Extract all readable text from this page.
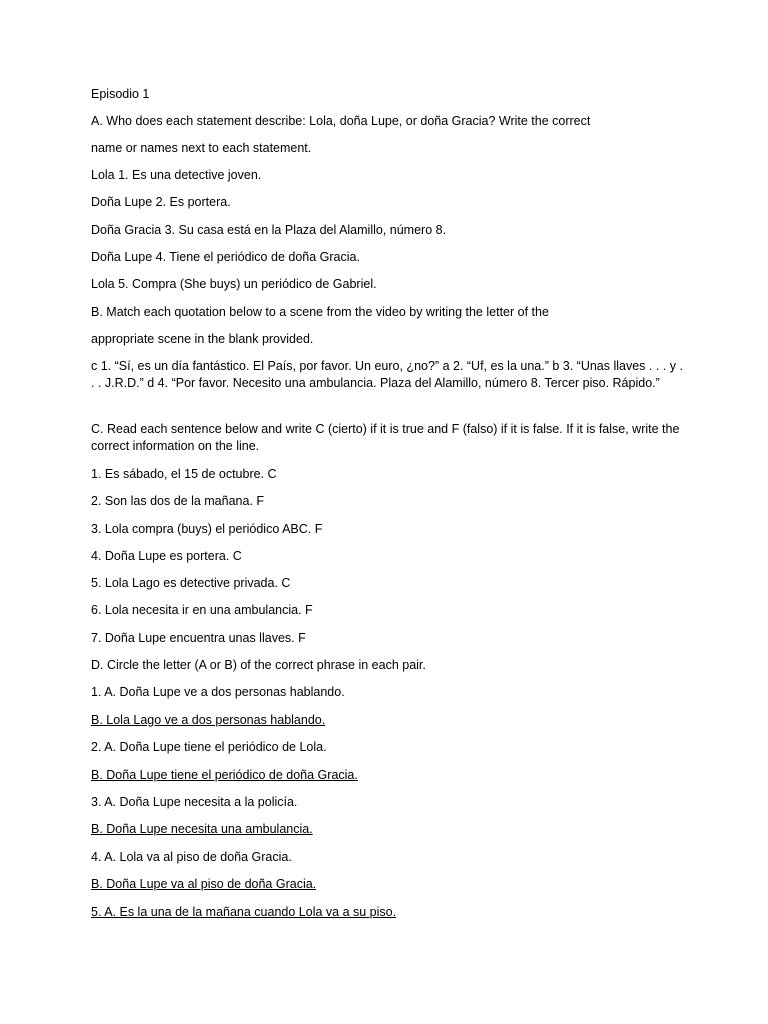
Episodio 1
A. Who does each statement describe: Lola, doña Lupe, or doña Gracia? Write the correct
name or names next to each statement.
Lola 1. Es una detective joven.
Doña Lupe 2. Es portera.
Doña Gracia 3. Su casa está en la Plaza del Alamillo, número 8.
Doña Lupe 4. Tiene el periódico de doña Gracia.
Lola 5. Compra (She buys) un periódico de Gabriel.
B. Match each quotation below to a scene from the video by writing the letter of the
appropriate scene in the blank provided.
c 1. “Sí, es un día fantástico. El País, por favor. Un euro, ¿no?” a 2. “Uf, es la una.” b 3. “Unas llaves . . . y . . . J.R.D.” d 4. “Por favor. Necesito una ambulancia. Plaza del Alamillo, número 8. Tercer piso. Rápido.”
C. Read each sentence below and write C (cierto) if it is true and F (falso) if it is false. If it is false, write the correct information on the line.
1. Es sábado, el 15 de octubre. C
2. Son las dos de la mañana. F
3. Lola compra (buys) el periódico ABC. F
4. Doña Lupe es portera. C
5. Lola Lago es detective privada. C
6. Lola necesita ir en una ambulancia. F
7. Doña Lupe encuentra unas llaves. F
D. Circle the letter (A or B) of the correct phrase in each pair.
1. A. Doña Lupe ve a dos personas hablando.
B. Lola Lago ve a dos personas hablando.
2. A. Doña Lupe tiene el periódico de Lola.
B. Doña Lupe tiene el periódico de doña Gracia.
3. A. Doña Lupe necesita a la policía.
B. Doña Lupe necesita una ambulancia.
4. A. Lola va al piso de doña Gracia.
B. Doña Lupe va al piso de doña Gracia.
5. A. Es la una de la mañana cuando Lola va a su piso.
